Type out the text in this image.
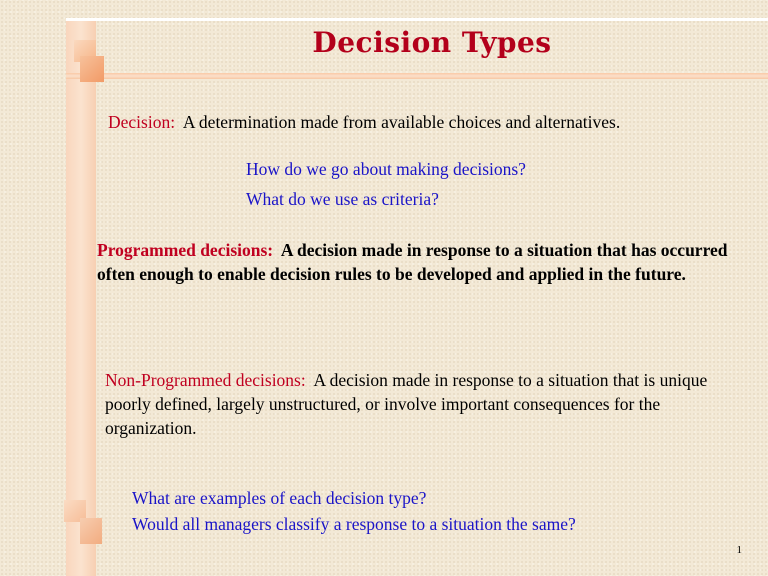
Decision Types
Decision: A determination made from available choices and alternatives.
How do we go about making decisions?
What do we use as criteria?
Programmed decisions: A decision made in response to a situation that has occurred often enough to enable decision rules to be developed and applied in the future.
Non-Programmed decisions: A decision made in response to a situation that is unique poorly defined, largely unstructured, or involve important consequences for the organization.
What are examples of each decision type?
Would all managers classify a response to a situation the same?
1
